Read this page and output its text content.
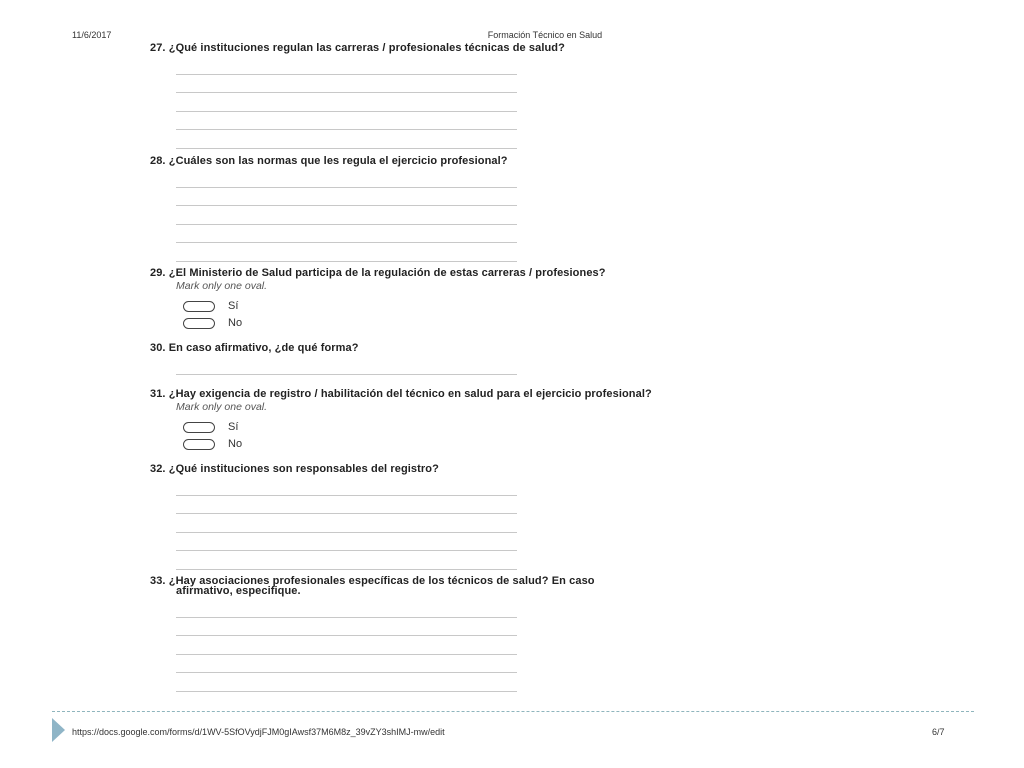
11/6/2017	Formación Técnico en Salud
27. ¿Qué instituciones regulan las carreras / profesionales técnicas de salud?
28. ¿Cuáles son las normas que les regula el ejercicio profesional?
29. ¿El Ministerio de Salud participa de la regulación de estas carreras / profesiones?
Mark only one oval.
Sí
No
30. En caso afirmativo, ¿de qué forma?
31. ¿Hay exigencia de registro / habilitación del técnico en salud para el ejercicio profesional?
Mark only one oval.
Sí
No
32. ¿Qué instituciones son responsables del registro?
33. ¿Hay asociaciones profesionales específicas de los técnicos de salud? En caso
afirmativo, especifique.
https://docs.google.com/forms/d/1WV-5SfOVydjFJM0gIAwsf37M6M8z_39vZY3shIMJ-mw/edit	6/7
